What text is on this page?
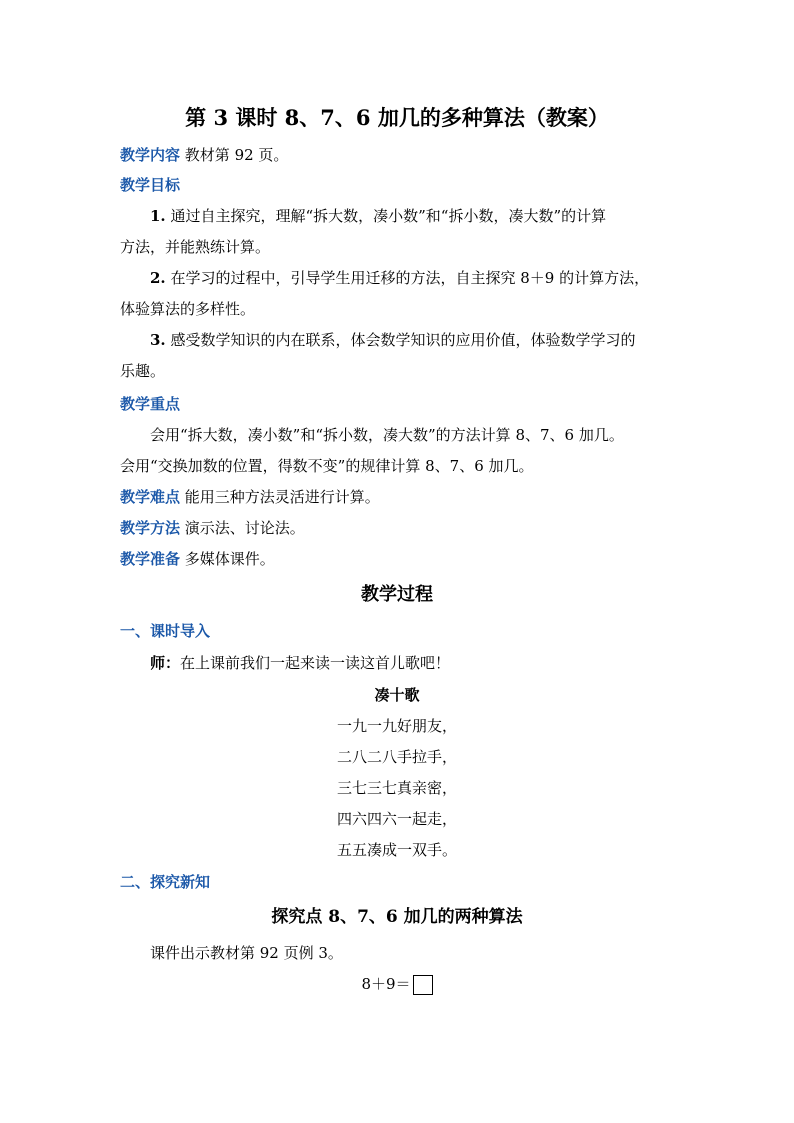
第 3 课时 8、7、6 加几的多种算法（教案）
教学内容 教材第 92 页。
教学目标
1. 通过自主探究，理解“拆大数，凑小数”和“拆小数，凑大数”的计算
方法，并能熟练计算。
2. 在学习的过程中，引导学生用迁移的方法，自主探究 8＋9 的计算方法，
体验算法的多样性。
3. 感受数学知识的内在联系，体会数学知识的应用价值，体验数学学习的
乐趣。
教学重点
会用“拆大数，凑小数”和“拆小数，凑大数”的方法计算 8、7、6 加几。
会用“交换加数的位置，得数不变”的规律计算 8、7、6 加几。
教学难点 能用三种方法灵活进行计算。
教学方法 演示法、讨论法。
教学准备 多媒体课件。
教学过程
一、课时导入
师：在上课前我们一起来读一读这首儿歌吧！
凑十歌
一九一九好朋友，
二八二八手拉手，
三七三七真亲密，
四六四六一起走，
五五凑成一双手。
二、探究新知
探究点 8、7、6 加几的两种算法
课件出示教材第 92 页例 3。
8＋9＝
